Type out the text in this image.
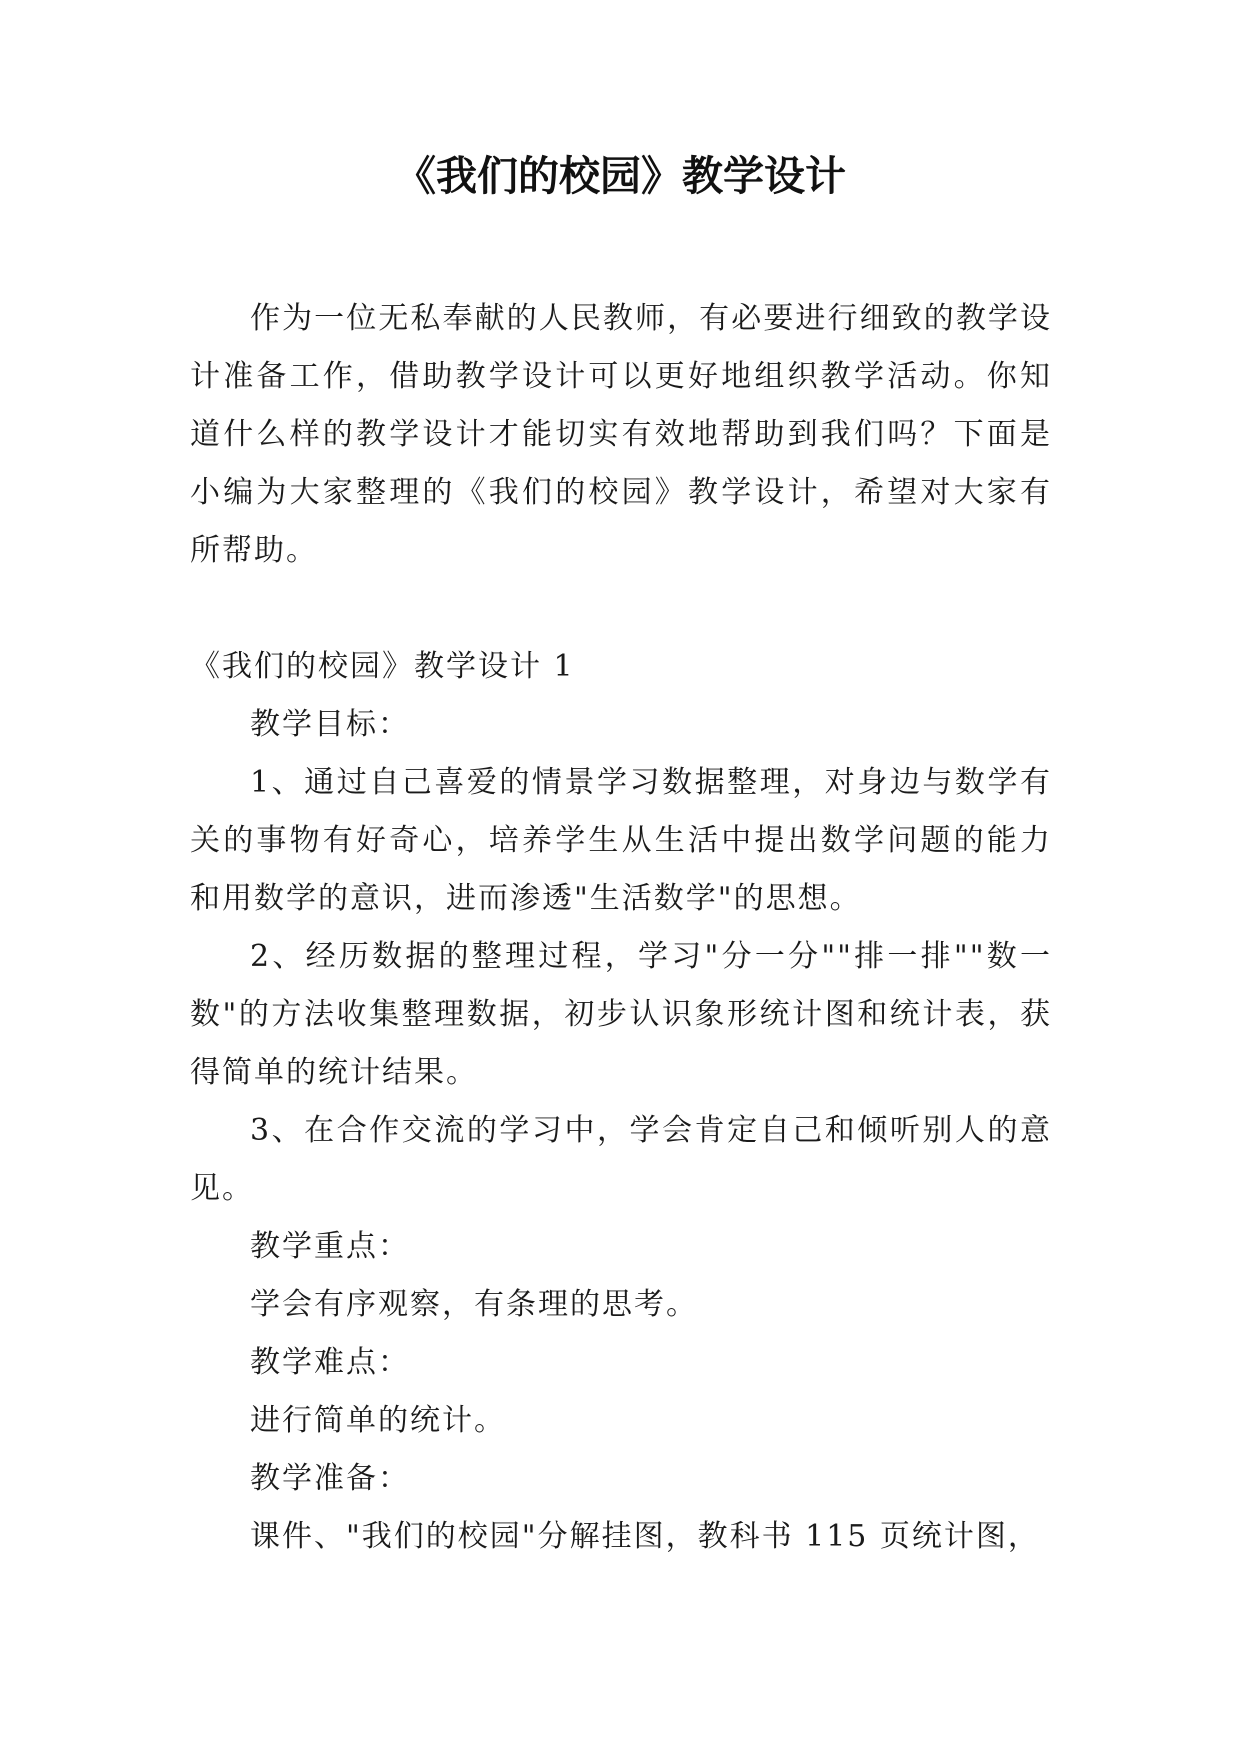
《我们的校园》教学设计

作为一位无私奉献的人民教师，有必要进行细致的教学设计准备工作，借助教学设计可以更好地组织教学活动。你知道什么样的教学设计才能切实有效地帮助到我们吗？下面是小编为大家整理的《我们的校园》教学设计，希望对大家有所帮助。

《我们的校园》教学设计 1

教学目标：

1、通过自己喜爱的情景学习数据整理，对身边与数学有关的事物有好奇心，培养学生从生活中提出数学问题的能力和用数学的意识，进而渗透"生活数学"的思想。

2、经历数据的整理过程，学习"分一分""排一排""数一数"的方法收集整理数据，初步认识象形统计图和统计表，获得简单的统计结果。

3、在合作交流的学习中，学会肯定自己和倾听别人的意见。

教学重点：

学会有序观察，有条理的思考。

教学难点：

进行简单的统计。

教学准备：

课件、"我们的校园"分解挂图，教科书 115 页统计图，
